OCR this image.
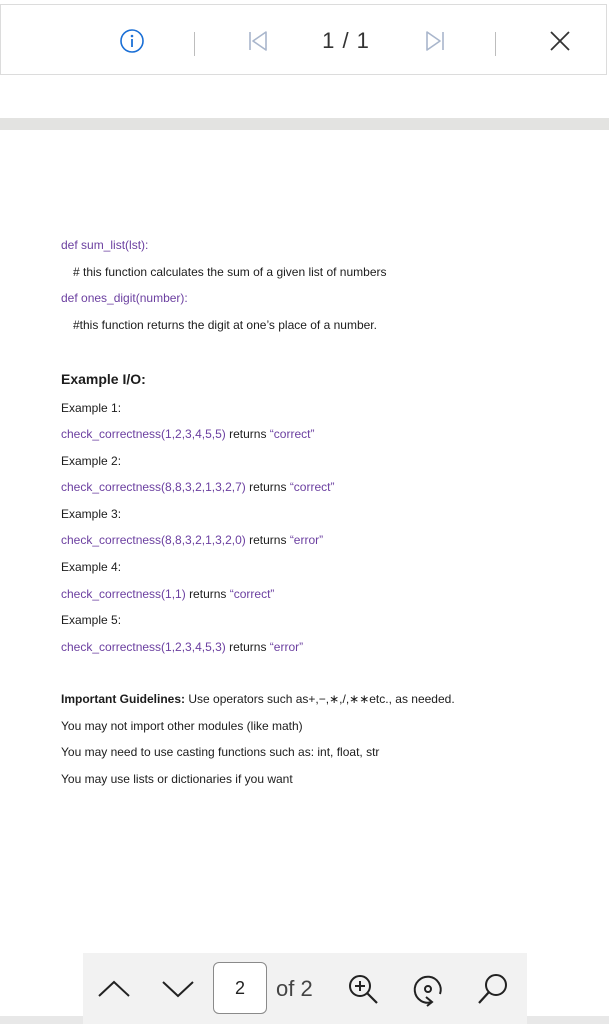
1 / 1
def sum_list(lst):
# this function calculates the sum of a given list of numbers
def ones_digit(number):
#this function returns the digit at one’s place of a number.
Example I/O:
Example 1:
check_correctness(1,2,3,4,5,5) returns “correct”
Example 2:
check_correctness(8,8,3,2,1,3,2,7) returns “correct”
Example 3:
check_correctness(8,8,3,2,1,3,2,0) returns “error”
Example 4:
check_correctness(1,1) returns “correct”
Example 5:
check_correctness(1,2,3,4,5,3) returns “error”
Important Guidelines: Use operators such as+,−,∗,/,∗∗etc., as needed.
You may not import other modules (like math)
You may need to use casting functions such as: int, float, str
You may use lists or dictionaries if you want
2	of 2
